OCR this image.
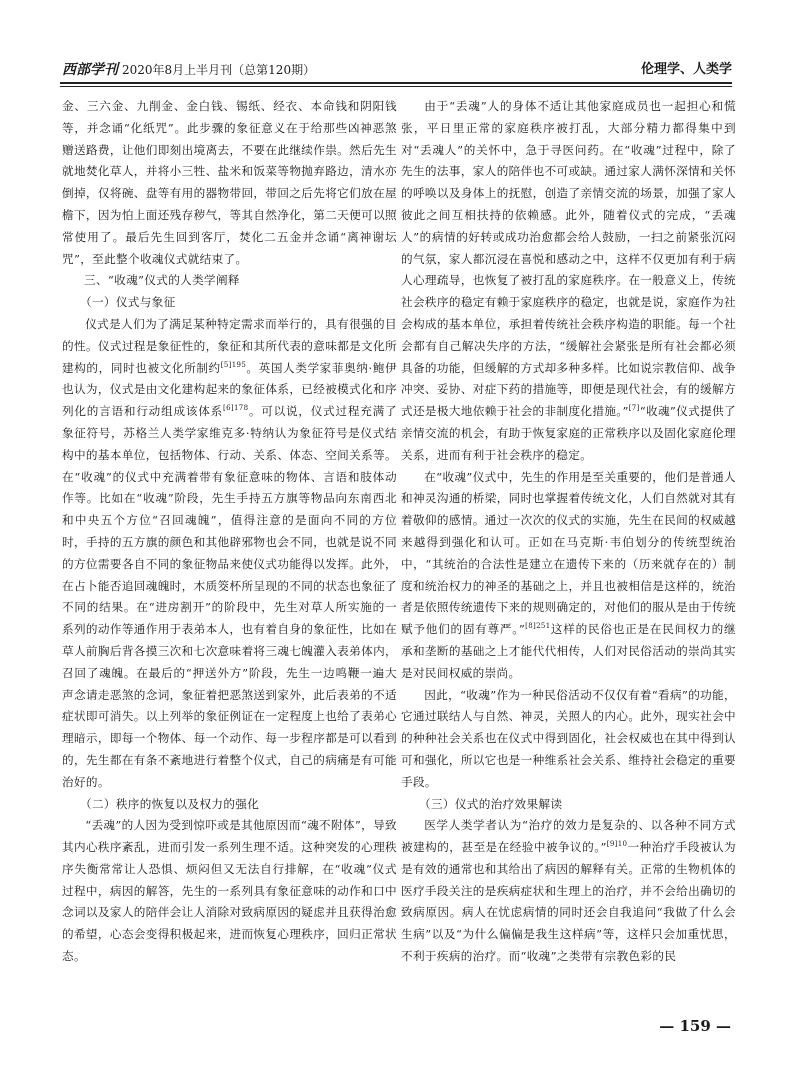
西部学刊 2020年8月上半月刊（总第120期）	伦理学、人类学

金、三六金、九削金、金白钱、锡纸、经衣、本命钱和阴阳钱等，并念诵“化纸咒”。此步骤的象征意义在于给那些凶神恶煞赠送路费，让他们即刻出境离去，不要在此继续作祟。然后先生就地焚化草人，并将小三牲、盐米和饭菜等物抛弃路边，清水亦倒掉，仅将碗、盘等有用的器物带回，带回之后先将它们放在屋檐下，因为怕上面还残存秽气，等其自然净化，第二天便可以照常使用了。最后先生回到客厅，焚化二五金并念诵“离神谢坛咒”，至此整个收魂仪式就结束了。

三、“收魂”仪式的人类学阐释
（一）仪式与象征

仪式是人们为了满足某种特定需求而举行的，具有很强的目的性。仪式过程是象征性的，象征和其所代表的意味都是文化所建构的，同时也被文化所制约$^{[5]195}$。英国人类学家菲奥纳·鲍伊也认为，仪式是由文化建构起来的象征体系，已经被模式化和序列化的言语和行动组成该体系$^{[6]178}$。可以说，仪式过程充满了象征符号，苏格兰人类学家维克多·特纳认为象征符号是仪式结构中的基本单位，包括物体、行动、关系、体态、空间关系等。在“收魂”的仪式中充满着带有象征意味的物体、言语和肢体动作等。比如在“收魂”阶段，先生手持五方旗等物品向东南西北和中央五个方位“召回魂魄”，值得注意的是面向不同的方位时，手持的五方旗的颜色和其他辟邪物也会不同，也就是说不同的方位需要各自不同的象征物品来使仪式功能得以发挥。此外，在占卜能否追回魂魄时，木质筊杯所呈现的不同的状态也象征了不同的结果。在“进房割开”的阶段中，先生对草人所实施的一系列的动作等通作用于表弟本人，也有着自身的象征性，比如在草人前胸后背各摸三次和七次意味着将三魂七魄灌入表弟体内，召回了魂魄。在最后的“押送外方”阶段，先生一边鸣鞭一遍大声念请走恶煞的念词，象征着把恶煞送到家外，此后表弟的不适症状即可消失。以上列举的象征例证在一定程度上也给了表弟心理暗示，即每一个物体、每一个动作、每一步程序都是可以看到的，先生都在有条不紊地进行着整个仪式，自己的病痛是有可能治好的。

（二）秩序的恢复以及权力的强化

“丢魂”的人因为受到惊吓或是其他原因而“魂不附体”，导致其内心秩序紊乱，进而引发一系列生理不适。这种突发的心理秩序失衡常常让人恐惧、烦闷但又无法自行排解，在“收魂”仪式过程中，病因的解答，先生的一系列具有象征意味的动作和口中念词以及家人的陪伴会让人消除对致病原因的疑虑并且获得治愈的希望，心态会变得积极起来，进而恢复心理秩序，回归正常状态。

由于“丢魂”人的身体不适让其他家庭成员也一起担心和慌张，平日里正常的家庭秩序被打乱，大部分精力都得集中到对“丢魂人”的关怀中，急于寻医问药。在“收魂”过程中，除了先生的法事，家人的陪伴也不可或缺。通过家人满怀深情和关怀的呼唤以及身体上的抚慰，创造了亲情交流的场景，加强了家人彼此之间互相扶持的依赖感。此外，随着仪式的完成，“丢魂人”的病情的好转或成功治愈都会给人鼓励，一扫之前紧张沉闷的气氛，家人都沉浸在喜悦和感动之中，这样不仅更加有利于病人心理疏导，也恢复了被打乱的家庭秩序。在一般意义上，传统社会秩序的稳定有赖于家庭秩序的稳定，也就是说，家庭作为社会构成的基本单位，承担着传统社会秩序构造的职能。每一个社会都有自己解决失序的方法，“缓解社会紧张是所有社会都必须具备的功能，但缓解的方式却多种多样。比如说宗教信仰、战争冲突、妥协、对症下药的措施等，即便是现代社会，有的缓解方式还是极大地依赖于社会的非制度化措施。”[7]“收魂”仪式提供了亲情交流的机会，有助于恢复家庭的正常秩序以及固化家庭伦理关系，进而有利于社会秩序的稳定。

在“收魂”仪式中，先生的作用是至关重要的，他们是普通人和神灵沟通的桥梁，同时也掌握着传统文化，人们自然就对其有着敬仰的感情。通过一次次的仪式的实施，先生在民间的权威越来越得到强化和认可。正如在马克斯·韦伯划分的传统型统治中，“其统治的合法性是建立在遗传下来的（历来就存在的）制度和统治权力的神圣的基础之上，并且也被相信是这样的，统治者是依照传统遗传下来的规则确定的，对他们的服从是由于传统赋予他们的固有尊严。”$^{[8]251}$这样的民俗也正是在民间权力的继承和垄断的基础之上才能代代相传，人们对民俗活动的崇尚其实是对民间权威的崇尚。

因此，“收魂”作为一种民俗活动不仅仅有着“看病”的功能，它通过联结人与自然、神灵，关照人的内心。此外，现实社会中的种种社会关系也在仪式中得到固化，社会权威也在其中得到认可和强化，所以它也是一种维系社会关系、维持社会稳定的重要手段。

（三）仪式的治疗效果解读

医学人类学者认为“治疗的效力是复杂的、以各种不同方式被建构的，甚至是在经验中被争议的。”$^{[9]10}$一种治疗手段被认为是有效的通常也和其给出了病因的解释有关。正常的生物机体的医疗手段关注的是疾病症状和生理上的治疗，并不会给出确切的致病原因。病人在忧虑病情的同时还会自我追问“我做了什么会生病”以及“为什么偏偏是我生这样病”等，这样只会加重忧思，不利于疾病的治疗。而“收魂”之类带有宗教色彩的民

— 159 —
